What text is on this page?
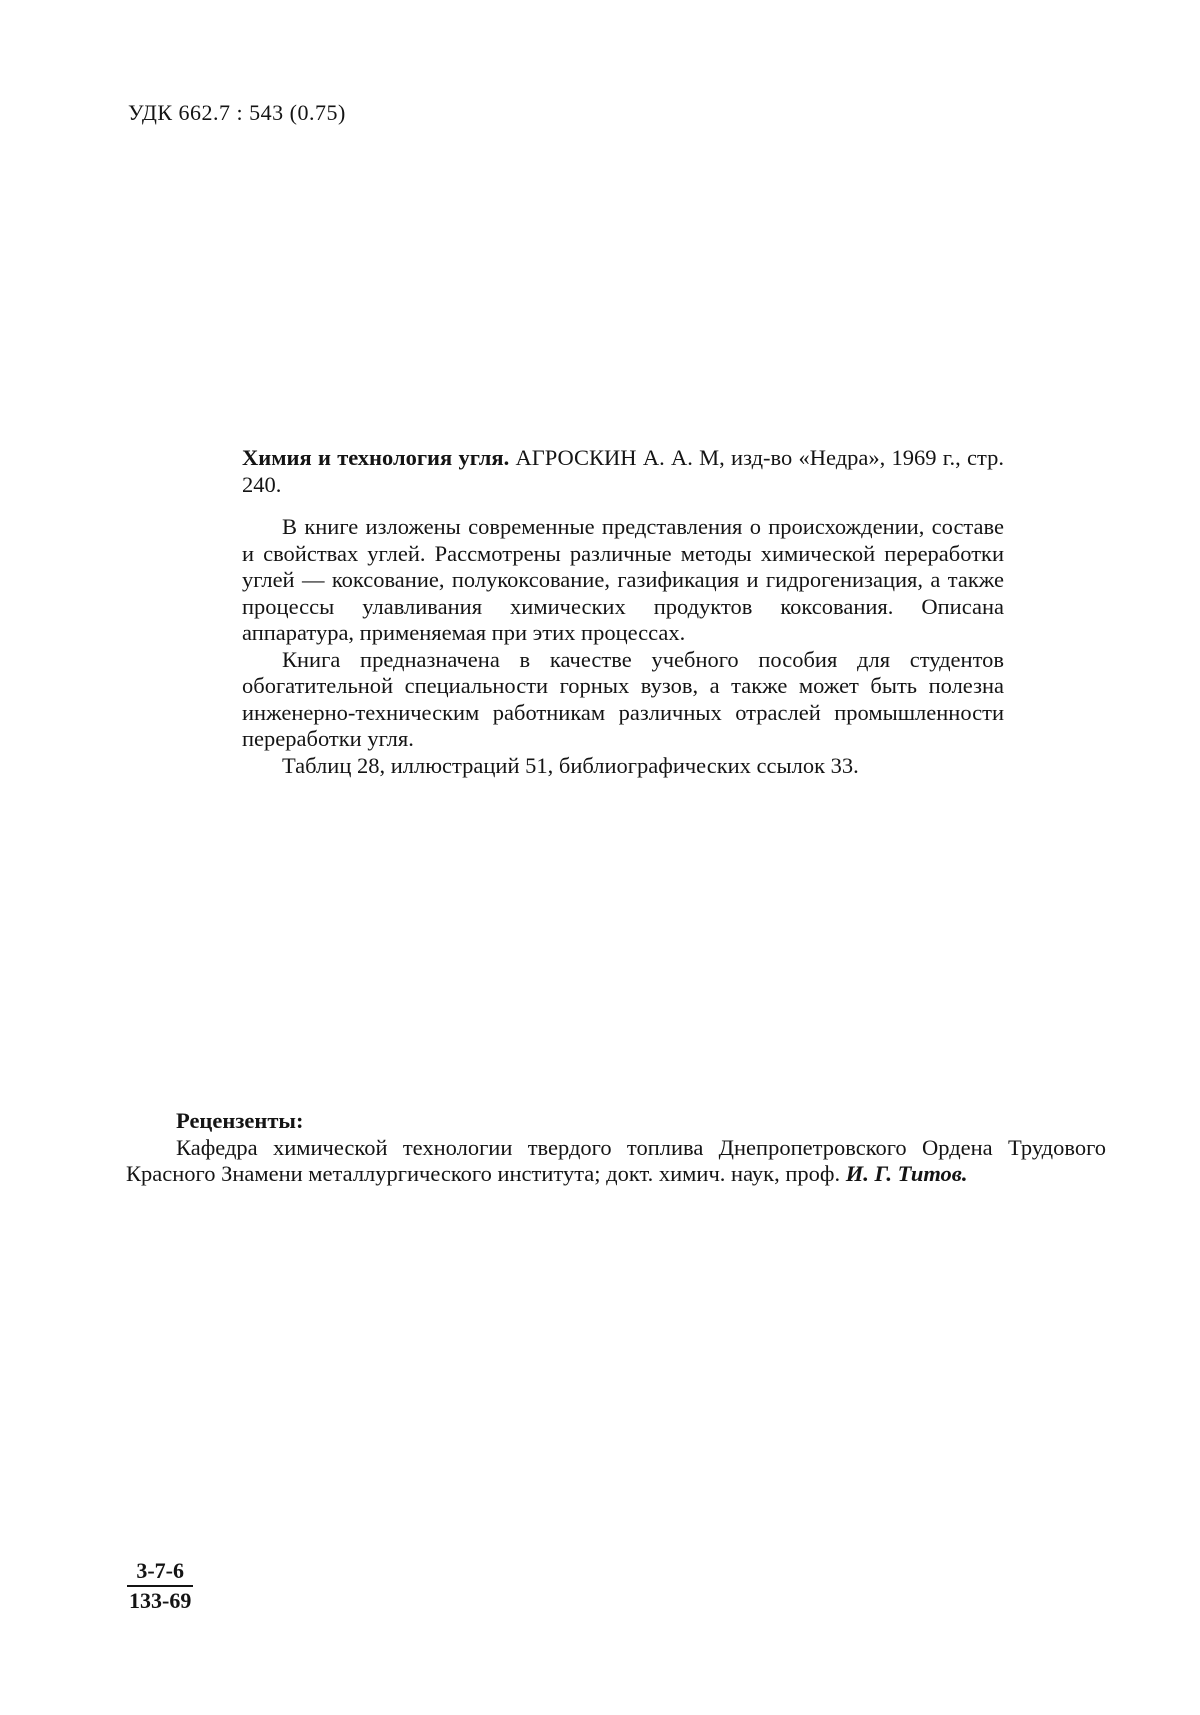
УДК 662.7 : 543 (0.75)

Химия и технология угля. АГРОСКИН А. А. М, изд-во «Недра», 1969 г., стр. 240.

В книге изложены современные представления о происхождении, составе и свойствах углей. Рассмотрены различные методы химической переработки углей — коксование, полукоксование, газификация и гидрогенизация, а также процессы улавливания химических продуктов коксования. Описана аппаратура, применяемая при этих процессах.

Книга предназначена в качестве учебного пособия для студентов обогатительной специальности горных вузов, а также может быть полезна инженерно-техническим работникам различных отраслей промышленности переработки угля.

Таблиц 28, иллюстраций 51, библиографических ссылок 33.

Рецензенты:

Кафедра химической технологии твердого топлива Днепропетровского Ордена Трудового Красного Знамени металлургического института; докт. химич. наук, проф. И. Г. Титов.

$\frac{3-7-6}{133-69}$
